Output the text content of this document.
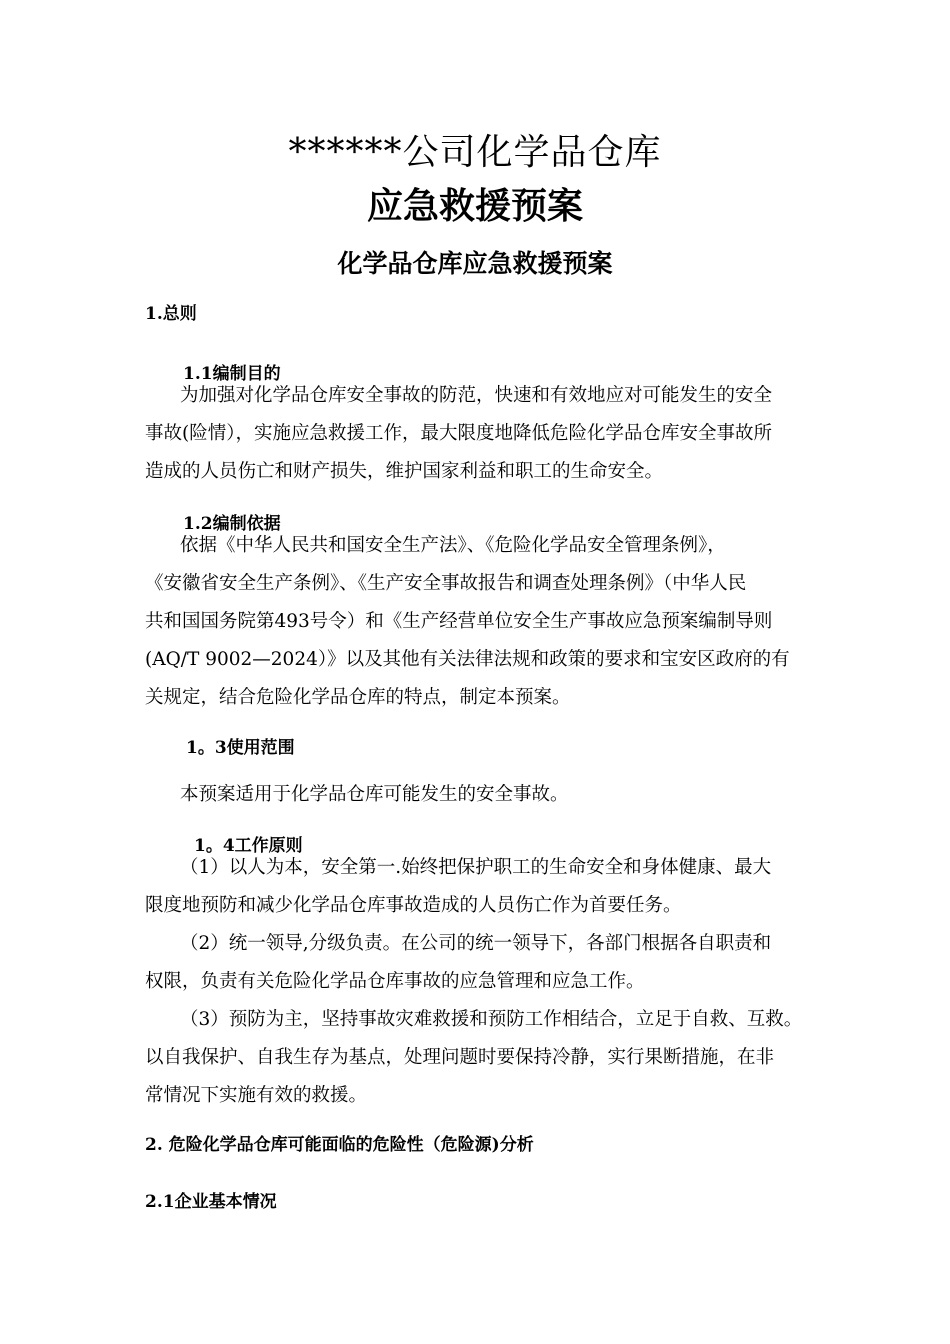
******公司化学品仓库
应急救援预案
化学品仓库应急救援预案
1.总则
1.1编制目的
为加强对化学品仓库安全事故的防范，快速和有效地应对可能发生的安全
事故(险情），实施应急救援工作，最大限度地降低危险化学品仓库安全事故所
造成的人员伤亡和财产损失，维护国家利益和职工的生命安全。
1.2编制依据
依据《中华人民共和国安全生产法》、《危险化学品安全管理条例》，
《安徽省安全生产条例》、《生产安全事故报告和调查处理条例》（中华人民
共和国国务院第493号令）和《生产经营单位安全生产事故应急预案编制导则
(AQ/T 9002—2024）》以及其他有关法律法规和政策的要求和宝安区政府的有
关规定，结合危险化学品仓库的特点，制定本预案。
1。3使用范围
本预案适用于化学品仓库可能发生的安全事故。
1。4工作原则
（1）以人为本，安全第一.始终把保护职工的生命安全和身体健康、最大
限度地预防和减少化学品仓库事故造成的人员伤亡作为首要任务。
（2）统一领导,分级负责。在公司的统一领导下，各部门根据各自职责和
权限，负责有关危险化学品仓库事故的应急管理和应急工作。
（3）预防为主，坚持事故灾难救援和预防工作相结合，立足于自救、互救。
以自我保护、自我生存为基点，处理问题时要保持冷静，实行果断措施，在非
常情况下实施有效的救援。
2. 危险化学品仓库可能面临的危险性（危险源)分析
2.1企业基本情况
